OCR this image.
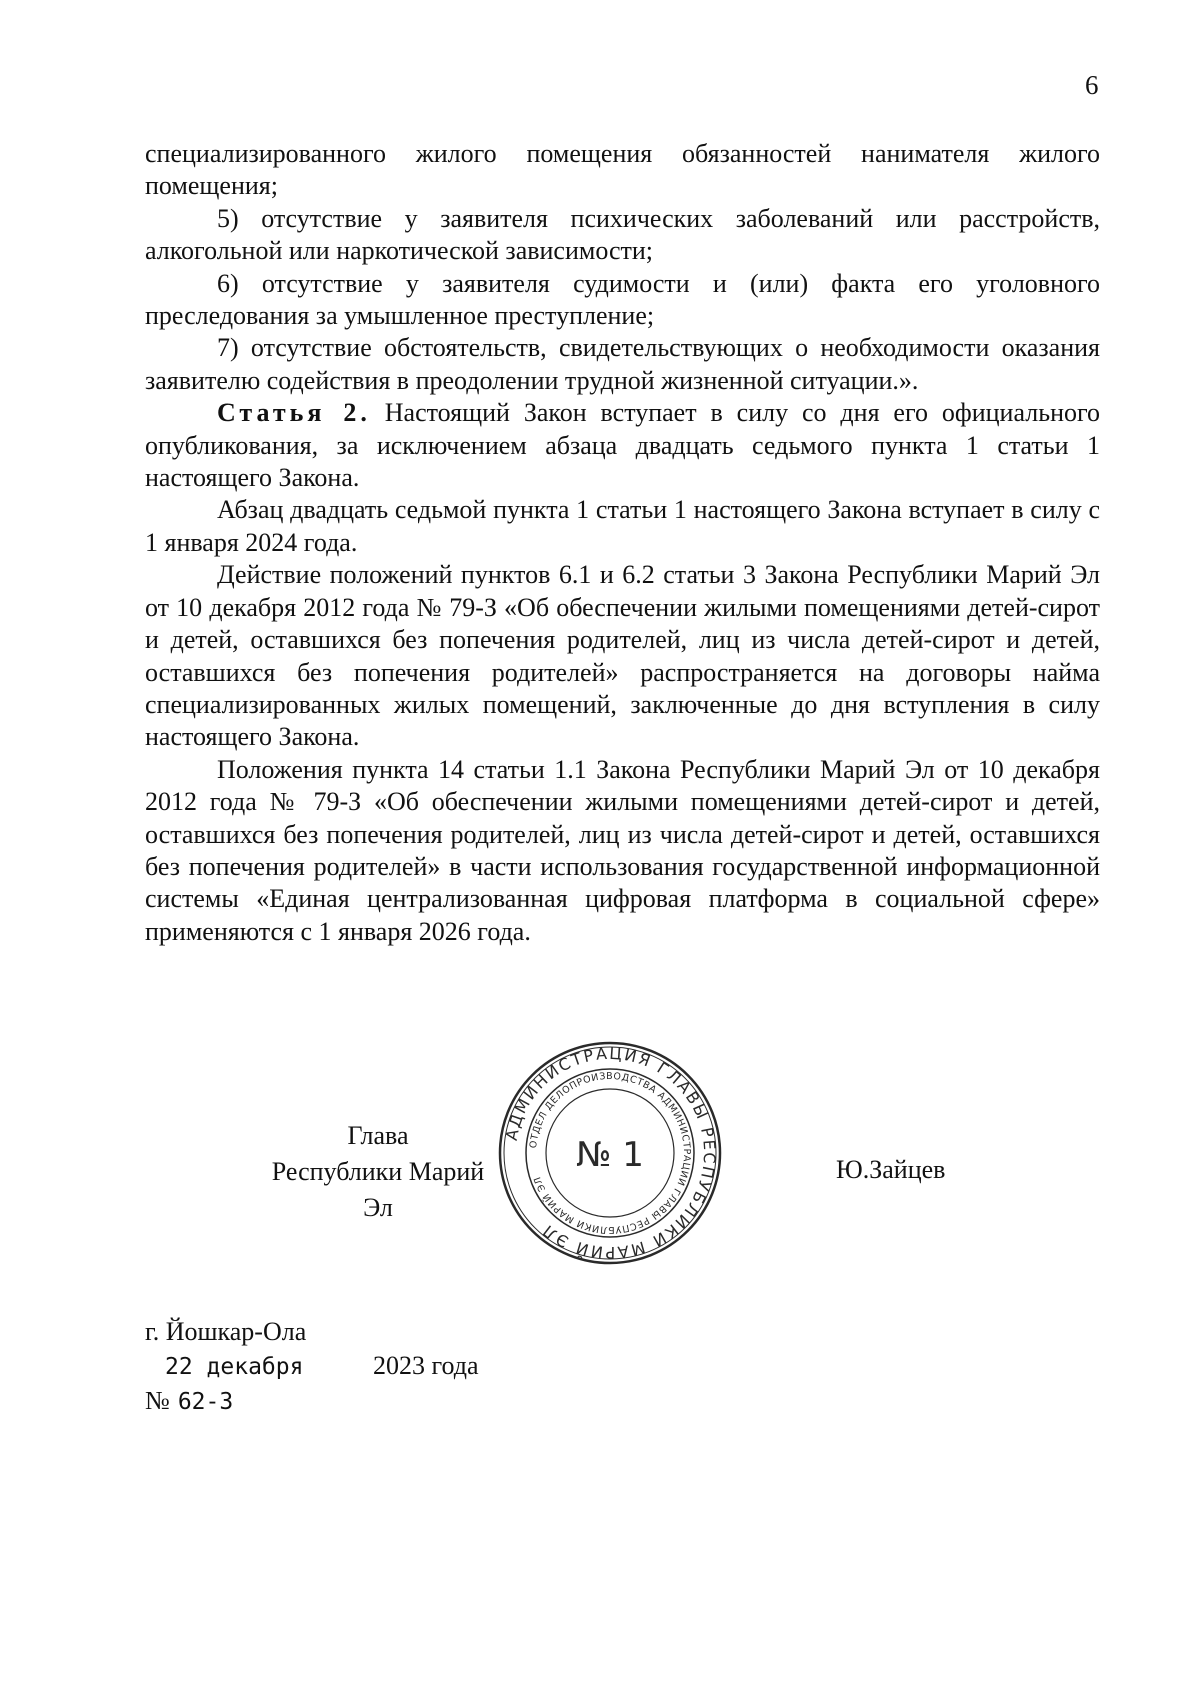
6

специализированного жилого помещения обязанностей нанимателя жилого помещения;

5) отсутствие у заявителя психических заболеваний или расстройств, алкогольной или наркотической зависимости;

6) отсутствие у заявителя судимости и (или) факта его уголовного преследования за умышленное преступление;

7) отсутствие обстоятельств, свидетельствующих о необходимости оказания заявителю содействия в преодолении трудной жизненной ситуации.».

Статья 2. Настоящий Закон вступает в силу со дня его официального опубликования, за исключением абзаца двадцать седьмого пункта 1 статьи 1 настоящего Закона.

Абзац двадцать седьмой пункта 1 статьи 1 настоящего Закона вступает в силу с 1 января 2024 года.

Действие положений пунктов 6.1 и 6.2 статьи 3 Закона Республики Марий Эл от 10 декабря 2012 года № 79-З «Об обеспечении жилыми помещениями детей-сирот и детей, оставшихся без попечения родителей, лиц из числа детей-сирот и детей, оставшихся без попечения родителей» распространяется на договоры найма специализированных жилых помещений, заключенные до дня вступления в силу настоящего Закона.

Положения пункта 14 статьи 1.1 Закона Республики Марий Эл от 10 декабря 2012 года № 79-З «Об обеспечении жилыми помещениями детей-сирот и детей, оставшихся без попечения родителей, лиц из числа детей-сирот и детей, оставшихся без попечения родителей» в части использования государственной информационной системы «Единая централизованная цифровая платформа в социальной сфере» применяются с 1 января 2026 года.

Глава
Республики Марий Эл
АДМИНИСТРАЦИЯ ГЛАВЫ РЕСПУБЛИКИ МАРИЙ ЭЛ
ОТДЕЛ ДЕЛОПРОИЗВОДСТВА АДМИНИСТРАЦИИ ГЛАВЫ РЕСПУБЛИКИ МАРИЙ ЭЛ
№ 1	Ю.Зайцев
г. Йошкар-Ола
22 декабря	2023 года
№ 62-З
